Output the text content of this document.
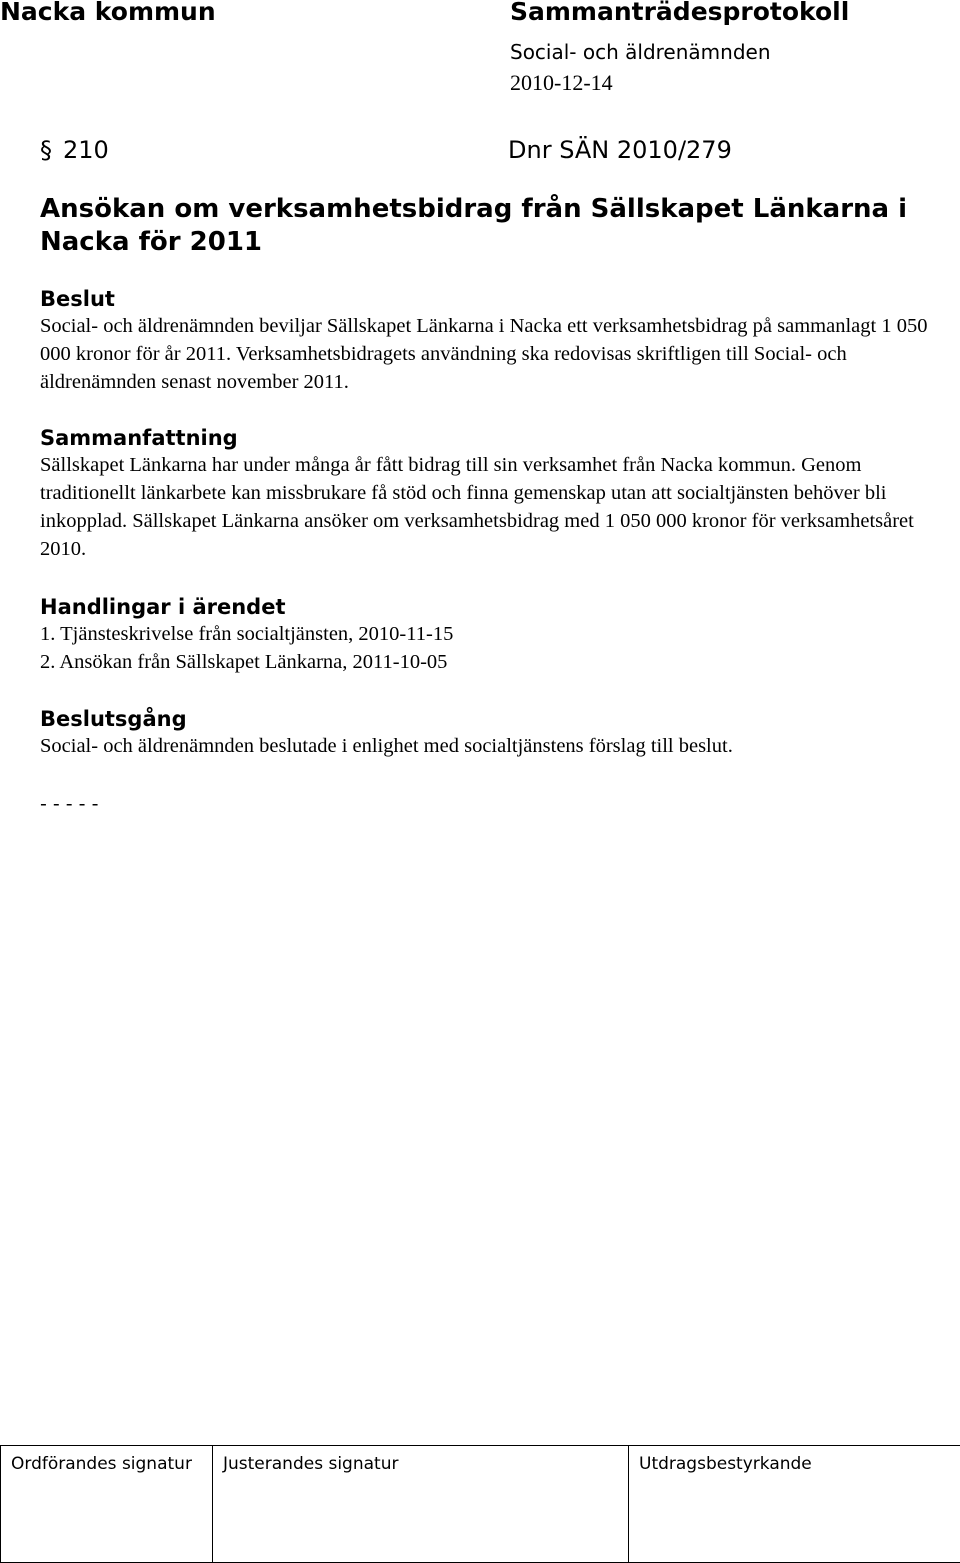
Nacka kommun	Sammanträdesprotokoll
Social- och äldrenämnden
2010-12-14
§ 210	Dnr SÄN 2010/279
Ansökan om verksamhetsbidrag från Sällskapet Länkarna i Nacka för 2011
Beslut

Social- och äldrenämnden beviljar Sällskapet Länkarna i Nacka ett verksamhetsbidrag på sammanlagt 1 050 000 kronor för år 2011. Verksamhetsbidragets användning ska redovisas skriftligen till Social- och äldrenämnden senast november 2011.

Sammanfattning

Sällskapet Länkarna har under många år fått bidrag till sin verksamhet från Nacka kommun. Genom traditionellt länkarbete kan missbrukare få stöd och finna gemenskap utan att socialtjänsten behöver bli inkopplad. Sällskapet Länkarna ansöker om verksamhetsbidrag med 1 050 000 kronor för verksamhetsåret 2010.

Handlingar i ärendet

1. Tjänsteskrivelse från socialtjänsten, 2010-11-15

2. Ansökan från Sällskapet Länkarna, 2011-10-05

Beslutsgång

Social- och äldrenämnden beslutade i enlighet med socialtjänstens förslag till beslut.

- - - - -
Ordförandes signatur	Justerandes signatur	Utdragsbestyrkande
